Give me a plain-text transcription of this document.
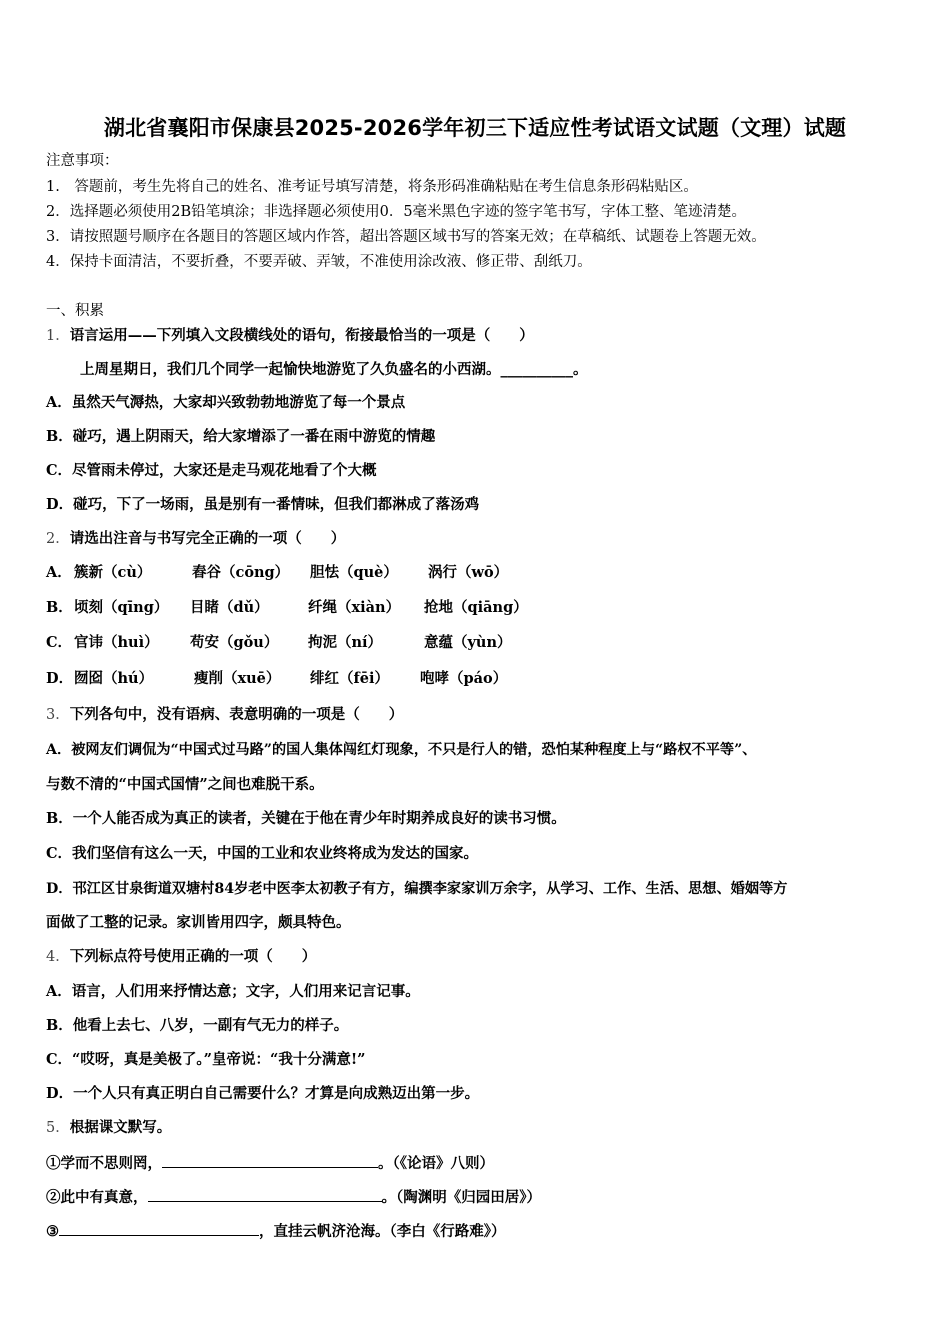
湖北省襄阳市保康县2025-2026学年初三下适应性考试语文试题（文理）试题
注意事项：
1.　答题前，考生先将自己的姓名、准考证号填写清楚，将条形码准确粘贴在考生信息条形码粘贴区。
2．选择题必须使用2B铅笔填涂；非选择题必须使用0．5毫米黑色字迹的签字笔书写，字体工整、笔迹清楚。
3．请按照题号顺序在各题目的答题区域内作答，超出答题区域书写的答案无效；在草稿纸、试题卷上答题无效。
4．保持卡面清洁，不要折叠，不要弄破、弄皱，不准使用涂改液、修正带、刮纸刀。
一、积累
1．语言运用——下列填入文段横线处的语句，衔接最恰当的一项是（　　）
上周星期日，我们几个同学一起愉快地游览了久负盛名的小西湖。__________。
A．虽然天气溽热，大家却兴致勃勃地游览了每一个景点
B．碰巧，遇上阴雨天，给大家增添了一番在雨中游览的情趣
C．尽管雨未停过，大家还是走马观花地看了个大概
D．碰巧，下了一场雨，虽是别有一番情味，但我们都淋成了落汤鸡
2．请选出注音与书写完全正确的一项（　　）
A． 簇新（cù）	舂谷（cōng） 胆怯（què） 涡行（wō）
B．顷刻（qīng） 目睹（dǔ）	纤绳（xiàn） 抢地（qiāng）
C． 官讳（huì） 苟安（gǒu） 拘泥（ní）	意蕴（yùn）
D．囫囵（hú）	瘦削（xuē） 绯红（fēi） 咆哮（páo）
3．下列各句中，没有语病、表意明确的一项是（　　）
A．被网友们调侃为“中国式过马路”的国人集体闯红灯现象，不只是行人的错，恐怕某种程度上与“路权不平等”、
与数不清的“中国式国情”之间也难脱干系。
B．一个人能否成为真正的读者，关键在于他在青少年时期养成良好的读书习惯。
C．我们坚信有这么一天，中国的工业和农业终将成为发达的国家。
D．邗江区甘泉街道双塘村84岁老中医李太初教子有方，编撰李家家训万余字，从学习、工作、生活、思想、婚姻等方
面做了工整的记录。家训皆用四字，颇具特色。
4．下列标点符号使用正确的一项（　　）
A．语言，人们用来抒情达意；文字，人们用来记言记事。
B．他看上去七、八岁，一副有气无力的样子。
C．“哎呀，真是美极了。”皇帝说：“我十分满意!”
D．一个人只有真正明白自己需要什么？才算是向成熟迈出第一步。
5．根据课文默写。
①学而不思则罔，	。（《论语》八则）
②此中有真意，	。（陶渊明《归园田居》）
③	，直挂云帆济沧海。（李白《行路难》）
